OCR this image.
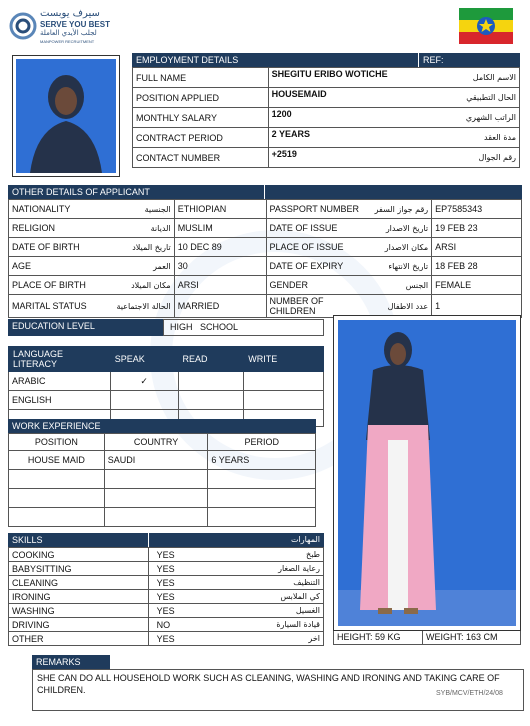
سيرف يوبست
SERVE YOU BEST
لجلب الأيدي العاملة
MANPOWER RECRUITMENT
EMPLOYMENT DETAILS	REF:
FULL NAME	SHEGITU ERIBO WOTICHE	الاسم الكامل
POSITION APPLIED	HOUSEMAID	الحال التطبيقي
MONTHLY SALARY	1200	الراتب الشهري
CONTRACT PERIOD	2 YEARS	مدة العقد
CONTACT NUMBER	+2519	رقم الجوال
OTHER DETAILS OF APPLICANT
NATIONALITY	الجنسية	ETHIOPIAN	PASSPORT NUMBER	رقم جواز السفر	EP7585343
RELIGION	الديانة	MUSLIM	DATE OF ISSUE	تاريخ الاصدار	19 FEB 23
DATE OF BIRTH	تاريخ الميلاد	10 DEC 89	PLACE OF ISSUE	مكان الاصدار	ARSI
AGE	العمر	30	DATE OF EXPIRY	تاريخ الانتهاء	18 FEB 28
PLACE OF BIRTH	مكان الميلاد	ARSI	GENDER	الجنس	FEMALE
MARITAL STATUS	الحالة الاجتماعية	MARRIED	NUMBER OF CHILDREN	عدد الاطفال	1
EDUCATION LEVEL	HIGH   SCHOOL
LANGUAGE LITERACY	SPEAK	READ	WRITE
ARABIC	✓		
ENGLISH			

WORK EXPERIENCE
POSITION	COUNTRY	PERIOD
HOUSE MAID	SAUDI	6 YEARS

HEIGHT: 59 KG	WEIGHT: 163 CM
SKILLS	المهارات
COOKING	YES	طبخ
BABYSITTING	YES	رعاية الصغار
CLEANING	YES	التنظيف
IRONING	YES	كي الملابس
WASHING	YES	الغسيل
DRIVING	NO	قيادة السيارة
OTHER	YES	اخر
REMARKS
SHE CAN DO ALL HOUSEHOLD WORK SUCH AS CLEANING, WASHING AND IRONING AND TAKING CARE OF CHILDREN.	SYB/MCV/ETH/24/08
